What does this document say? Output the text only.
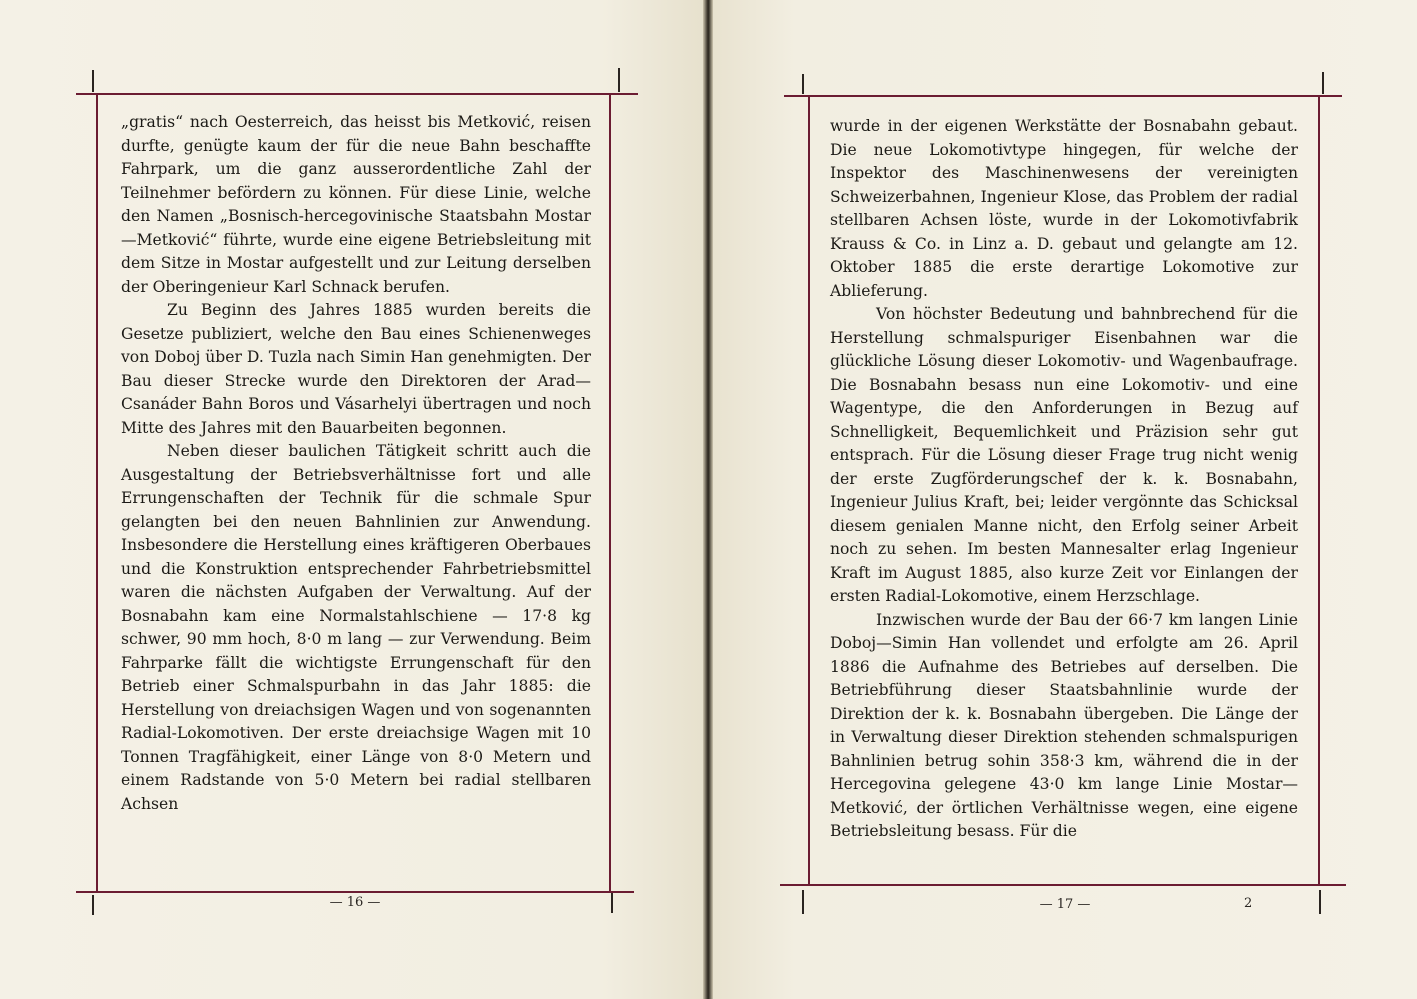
„gratis“ nach Oesterreich, das heisst bis Metković, reisen durfte, genügte kaum der für die neue Bahn beschaffte Fahrpark, um die ganz ausserordentliche Zahl der Teilnehmer befördern zu können. Für diese Linie, welche den Namen „Bosnisch-hercegovinische Staatsbahn Mostar—Metković“ führte, wurde eine eigene Betriebsleitung mit dem Sitze in Mostar aufgestellt und zur Leitung derselben der Oberingenieur Karl Schnack berufen.

Zu Beginn des Jahres 1885 wurden bereits die Gesetze publiziert, welche den Bau eines Schienenweges von Doboj über D. Tuzla nach Simin Han genehmigten. Der Bau dieser Strecke wurde den Direktoren der Arad—Csanáder Bahn Boros und Vásarhelyi übertragen und noch Mitte des Jahres mit den Bauarbeiten begonnen.

Neben dieser baulichen Tätigkeit schritt auch die Ausgestaltung der Betriebsverhältnisse fort und alle Errungenschaften der Technik für die schmale Spur gelangten bei den neuen Bahnlinien zur Anwendung. Insbesondere die Herstellung eines kräftigeren Oberbaues und die Konstruktion entsprechender Fahrbetriebsmittel waren die nächsten Aufgaben der Verwaltung. Auf der Bosnabahn kam eine Normalstahlschiene — 17·8 kg schwer, 90 mm hoch, 8·0 m lang — zur Verwendung. Beim Fahrparke fällt die wichtigste Errungenschaft für den Betrieb einer Schmalspurbahn in das Jahr 1885: die Herstellung von dreiachsigen Wagen und von sogenannten Radial-Lokomotiven. Der erste dreiachsige Wagen mit 10 Tonnen Tragfähigkeit, einer Länge von 8·0 Metern und einem Radstande von 5·0 Metern bei radial stellbaren Achsen

— 16 —

wurde in der eigenen Werkstätte der Bosnabahn gebaut. Die neue Lokomotivtype hingegen, für welche der Inspektor des Maschinenwesens der vereinigten Schweizerbahnen, Ingenieur Klose, das Problem der radial stellbaren Achsen löste, wurde in der Lokomotivfabrik Krauss & Co. in Linz a. D. gebaut und gelangte am 12. Oktober 1885 die erste derartige Lokomotive zur Ablieferung.

Von höchster Bedeutung und bahnbrechend für die Herstellung schmalspuriger Eisenbahnen war die glückliche Lösung dieser Lokomotiv- und Wagenbaufrage. Die Bosnabahn besass nun eine Lokomotiv- und eine Wagentype, die den Anforderungen in Bezug auf Schnelligkeit, Bequemlichkeit und Präzision sehr gut entsprach. Für die Lösung dieser Frage trug nicht wenig der erste Zugförderungschef der k. k. Bosnabahn, Ingenieur Julius Kraft, bei; leider vergönnte das Schicksal diesem genialen Manne nicht, den Erfolg seiner Arbeit noch zu sehen. Im besten Mannesalter erlag Ingenieur Kraft im August 1885, also kurze Zeit vor Einlangen der ersten Radial-Lokomotive, einem Herzschlage.

Inzwischen wurde der Bau der 66·7 km langen Linie Doboj—Simin Han vollendet und erfolgte am 26. April 1886 die Aufnahme des Betriebes auf derselben. Die Betriebführung dieser Staatsbahnlinie wurde der Direktion der k. k. Bosnabahn übergeben. Die Länge der in Verwaltung dieser Direktion stehenden schmalspurigen Bahnlinien betrug sohin 358·3 km, während die in der Hercegovina gelegene 43·0 km lange Linie Mostar—Metković, der örtlichen Verhältnisse wegen, eine eigene Betriebsleitung besass. Für die

— 17 —	2
